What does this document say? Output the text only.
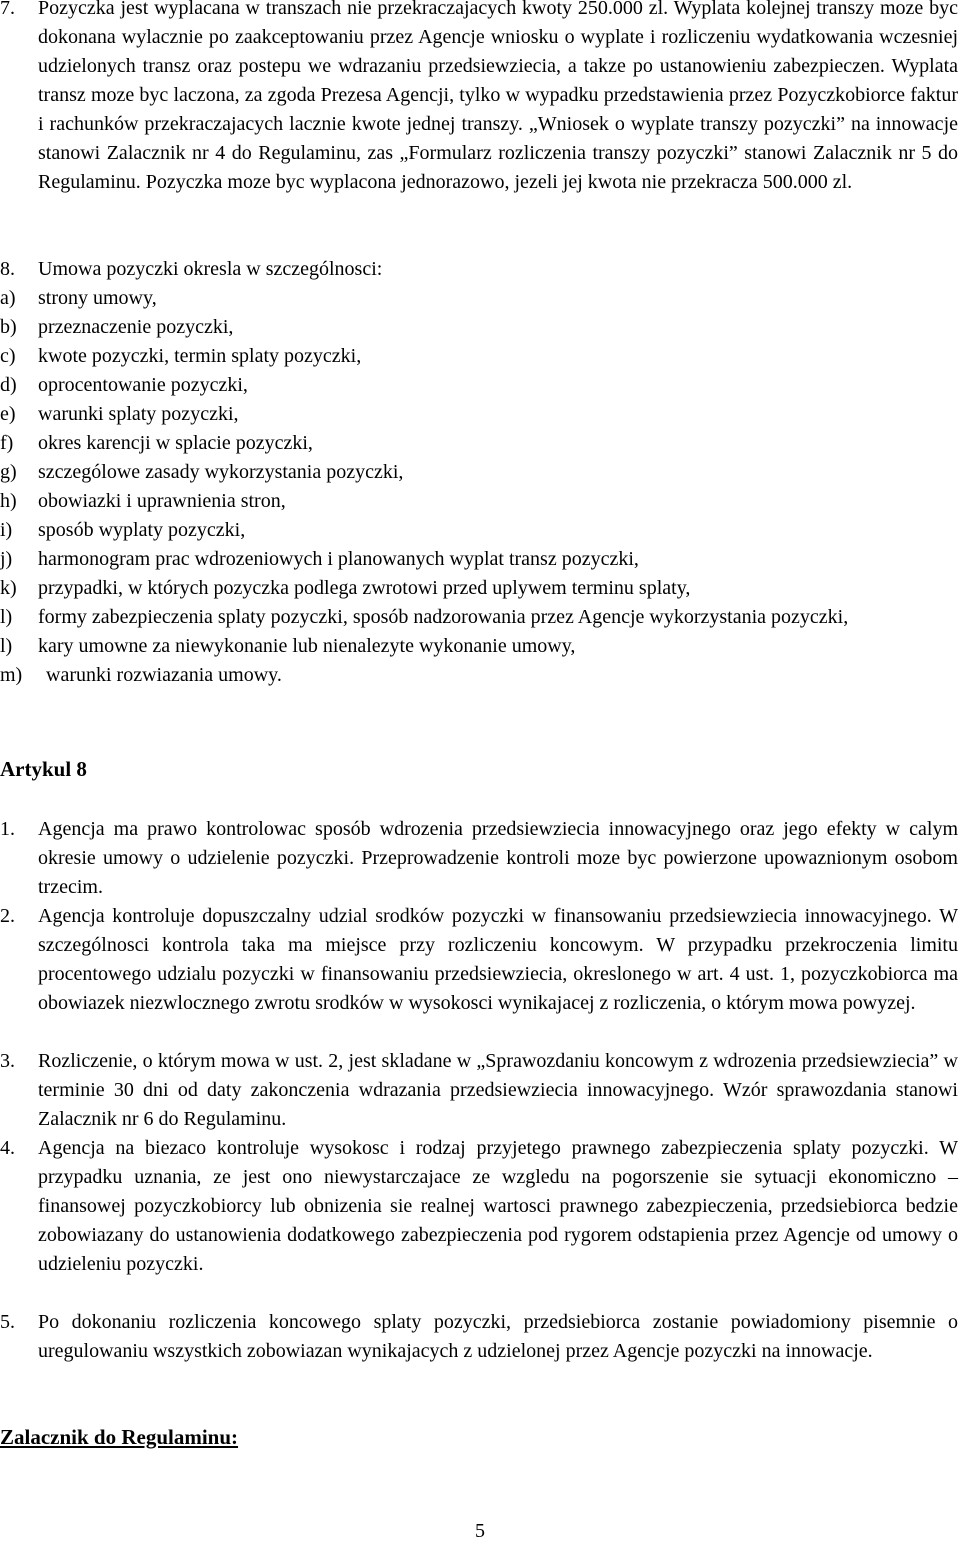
7.	Pozyczka jest wyplacana w transzach nie przekraczajacych kwoty 250.000 zl. Wyplata kolejnej transzy moze byc dokonana wylacznie po zaakceptowaniu przez Agencje wniosku o wyplate i rozliczeniu wydatkowania wczesniej udzielonych transz oraz postepu we wdrazaniu przedsiewziecia, a takze po ustanowieniu zabezpieczen. Wyplata transz moze byc laczona, za zgoda Prezesa Agencji, tylko w wypadku przedstawienia przez Pozyczkobiorce faktur i rachunków przekraczajacych lacznie kwote jednej transzy. „Wniosek o wyplate transzy pozyczki” na innowacje stanowi Zalacznik nr 4 do Regulaminu, zas „Formularz rozliczenia transzy pozyczki” stanowi Zalacznik nr 5 do Regulaminu. Pozyczka moze byc wyplacona jednorazowo, jezeli jej kwota nie przekracza 500.000 zl.
8.	Umowa pozyczki okresla w szczególnosci:
a)	strony umowy,
b)	przeznaczenie pozyczki,
c)	kwote pozyczki, termin splaty pozyczki,
d)	oprocentowanie pozyczki,
e)	warunki splaty pozyczki,
f)	okres karencji w splacie pozyczki,
g)	szczególowe zasady wykorzystania pozyczki,
h)	obowiazki i uprawnienia stron,
i)	sposób wyplaty pozyczki,
j)	harmonogram prac wdrozeniowych i planowanych wyplat transz pozyczki,
k)	przypadki, w których pozyczka podlega zwrotowi przed uplywem terminu splaty,
l)	formy zabezpieczenia splaty pozyczki, sposób nadzorowania przez Agencje wykorzystania pozyczki,
l)	kary umowne za niewykonanie lub nienalezyte wykonanie umowy,
m)	warunki rozwiazania umowy.
Artykul 8
1.	Agencja ma prawo kontrolowac sposób wdrozenia przedsiewziecia innowacyjnego oraz jego efekty w calym okresie umowy o udzielenie pozyczki. Przeprowadzenie kontroli moze byc powierzone upowaznionym osobom trzecim.
2.	Agencja kontroluje dopuszczalny udzial srodków pozyczki w finansowaniu przedsiewziecia innowacyjnego. W szczególnosci kontrola taka ma miejsce przy rozliczeniu koncowym. W przypadku przekroczenia limitu procentowego udzialu pozyczki w finansowaniu przedsiewziecia, okreslonego w art. 4 ust. 1, pozyczkobiorca ma obowiazek niezwlocznego zwrotu srodków w wysokosci wynikajacej z rozliczenia, o którym mowa powyzej.
3.	Rozliczenie, o którym mowa w ust. 2, jest skladane w „Sprawozdaniu koncowym z wdrozenia przedsiewziecia” w terminie 30 dni od daty zakonczenia wdrazania przedsiewziecia innowacyjnego. Wzór sprawozdania stanowi Zalacznik nr 6 do Regulaminu.
4.	Agencja na biezaco kontroluje wysokosc i rodzaj przyjetego prawnego zabezpieczenia splaty pozyczki. W przypadku uznania, ze jest ono niewystarczajace ze wzgledu na pogorszenie sie sytuacji ekonomiczno – finansowej pozyczkobiorcy lub obnizenia sie realnej wartosci prawnego zabezpieczenia, przedsiebiorca bedzie zobowiazany do ustanowienia dodatkowego zabezpieczenia pod rygorem odstapienia przez Agencje od umowy o udzieleniu pozyczki.
5.	Po dokonaniu rozliczenia koncowego splaty pozyczki, przedsiebiorca zostanie powiadomiony pisemnie o uregulowaniu wszystkich zobowiazan wynikajacych z udzielonej przez Agencje pozyczki na innowacje.
Zalacznik do Regulaminu:
5
